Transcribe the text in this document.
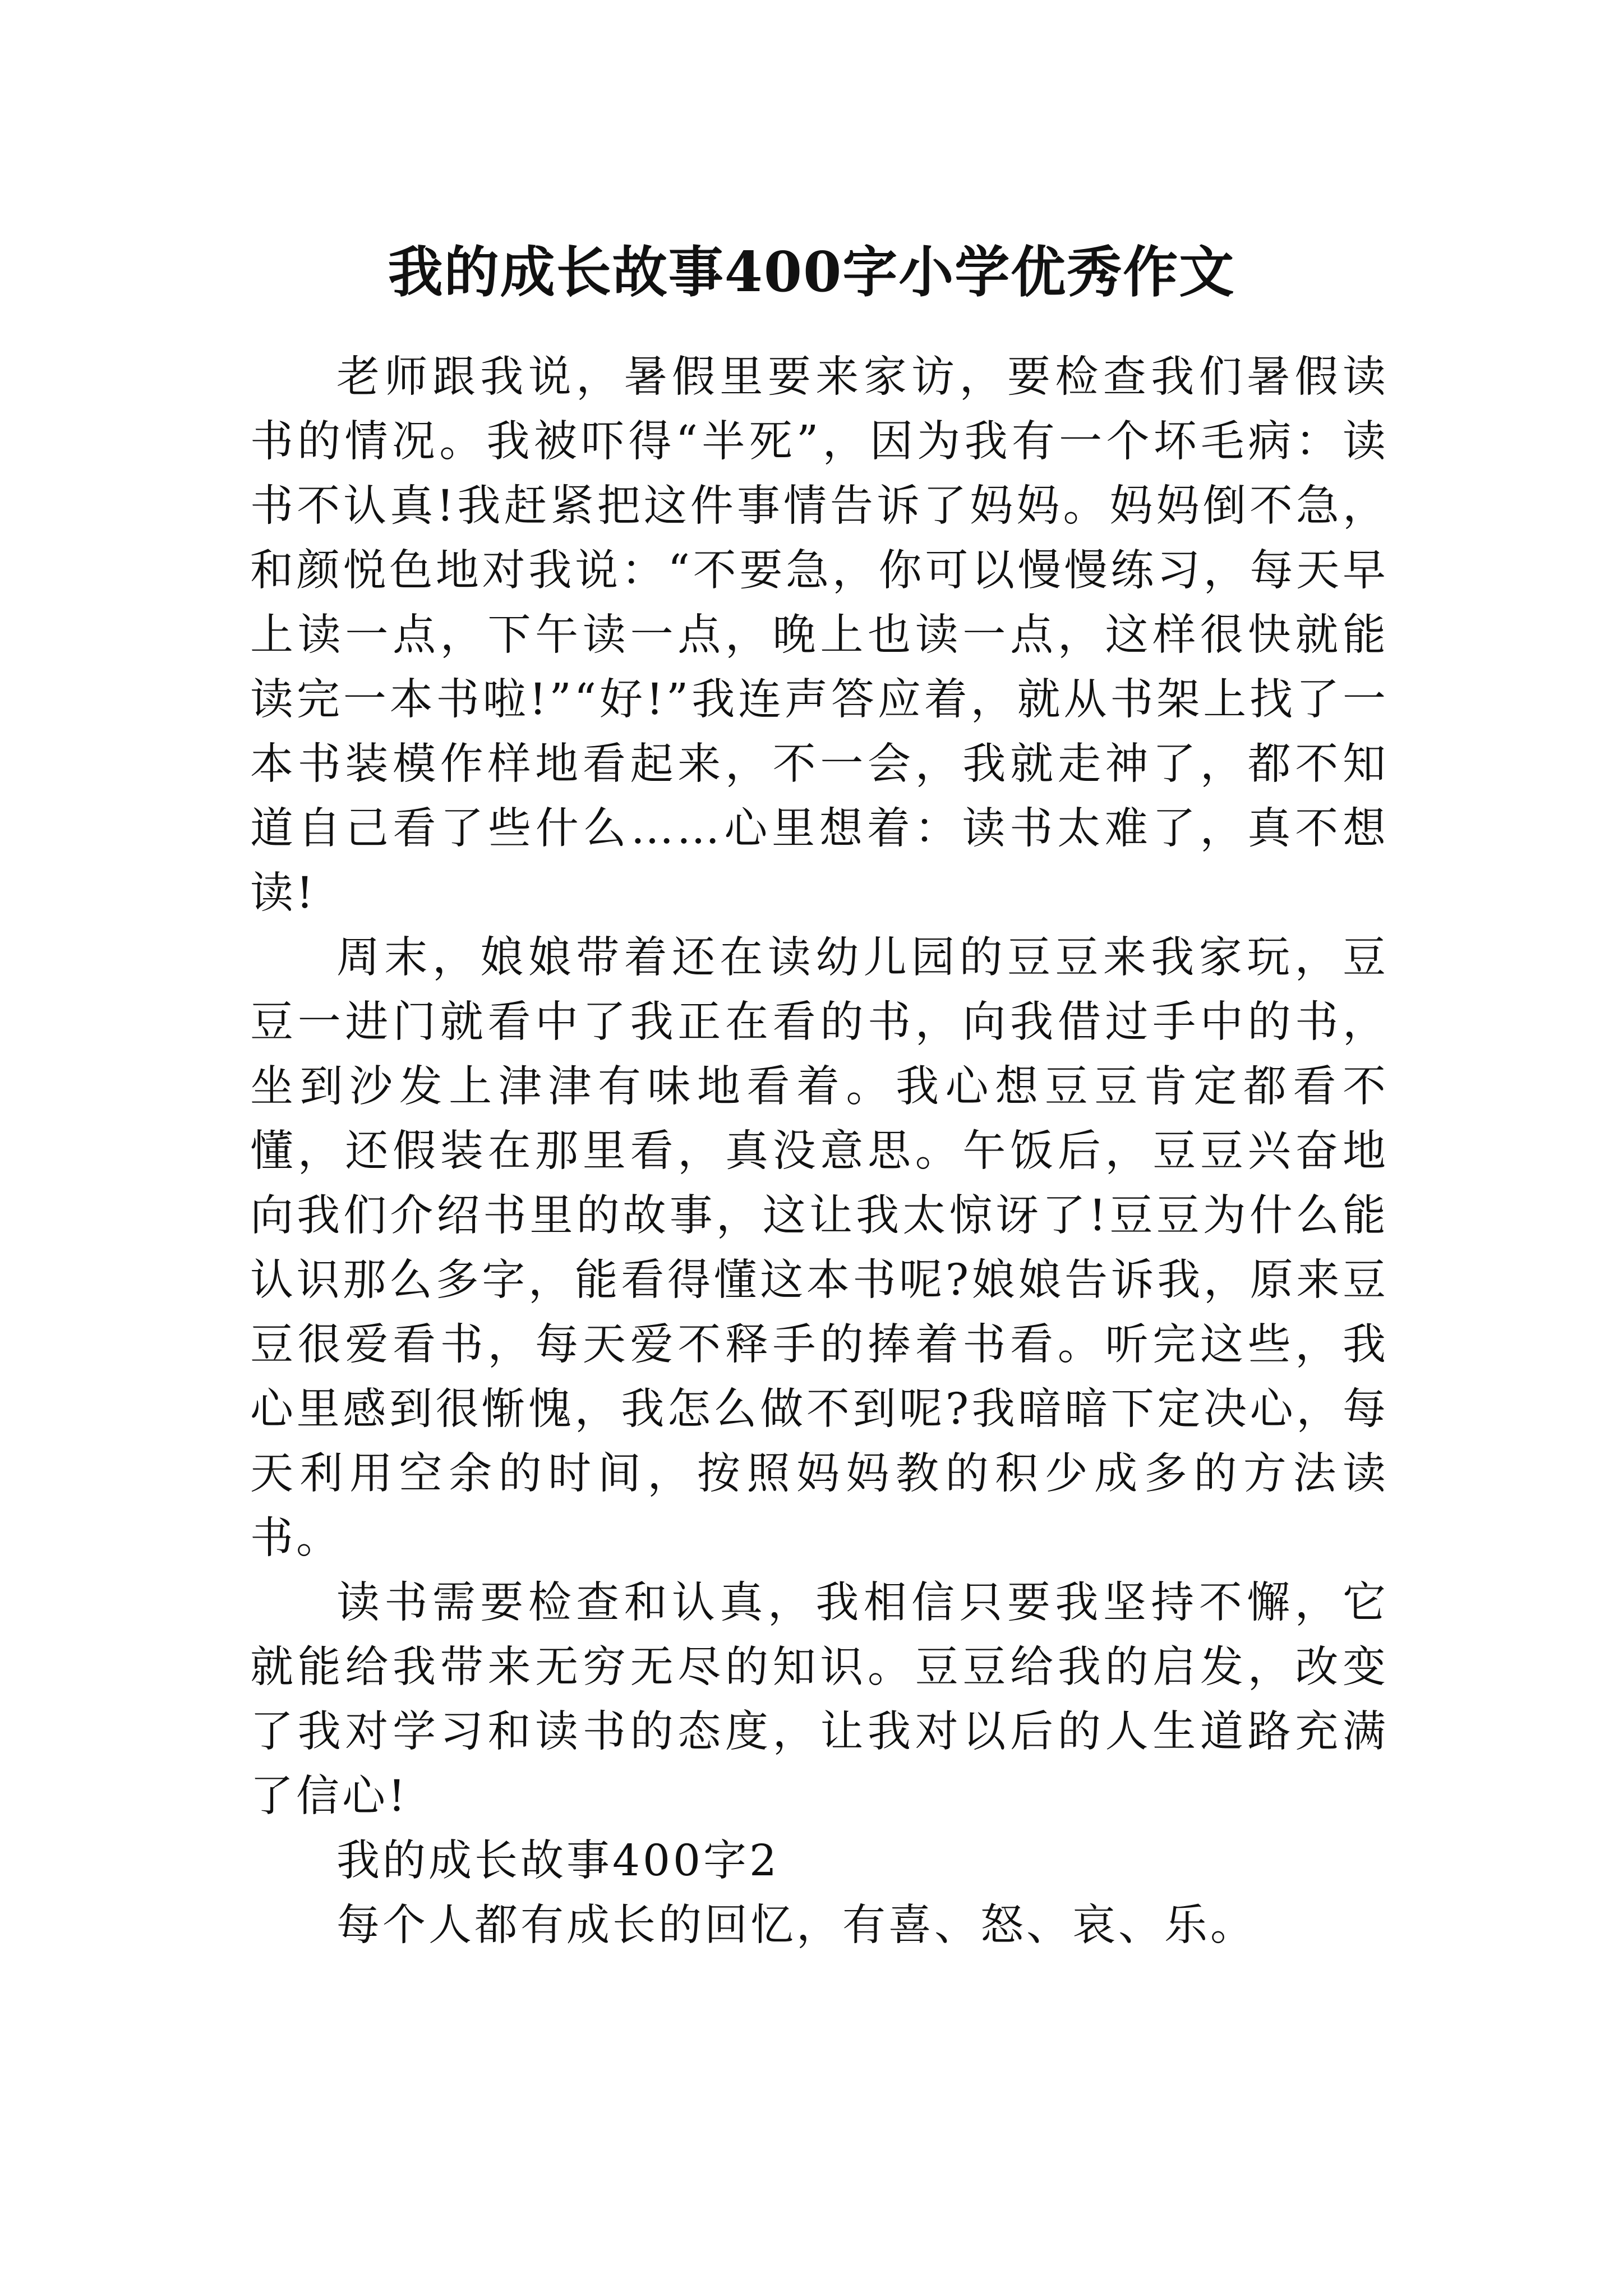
我的成长故事400字小学优秀作文

老师跟我说，暑假里要来家访，要检查我们暑假读书的情况。我被吓得“半死”，因为我有一个坏毛病：读书不认真!我赶紧把这件事情告诉了妈妈。妈妈倒不急，和颜悦色地对我说：“不要急，你可以慢慢练习，每天早上读一点，下午读一点，晚上也读一点，这样很快就能读完一本书啦!”“好!”我连声答应着，就从书架上找了一本书装模作样地看起来，不一会，我就走神了，都不知道自己看了些什么……心里想着：读书太难了，真不想读!

周末，娘娘带着还在读幼儿园的豆豆来我家玩，豆豆一进门就看中了我正在看的书，向我借过手中的书，坐到沙发上津津有味地看着。我心想豆豆肯定都看不懂，还假装在那里看，真没意思。午饭后，豆豆兴奋地向我们介绍书里的故事，这让我太惊讶了!豆豆为什么能认识那么多字，能看得懂这本书呢?娘娘告诉我，原来豆豆很爱看书，每天爱不释手的捧着书看。听完这些，我心里感到很惭愧，我怎么做不到呢?我暗暗下定决心，每天利用空余的时间，按照妈妈教的积少成多的方法读书。

读书需要检查和认真，我相信只要我坚持不懈，它就能给我带来无穷无尽的知识。豆豆给我的启发，改变了我对学习和读书的态度，让我对以后的人生道路充满了信心!

我的成长故事400字2

每个人都有成长的回忆，有喜、怒、哀、乐。
